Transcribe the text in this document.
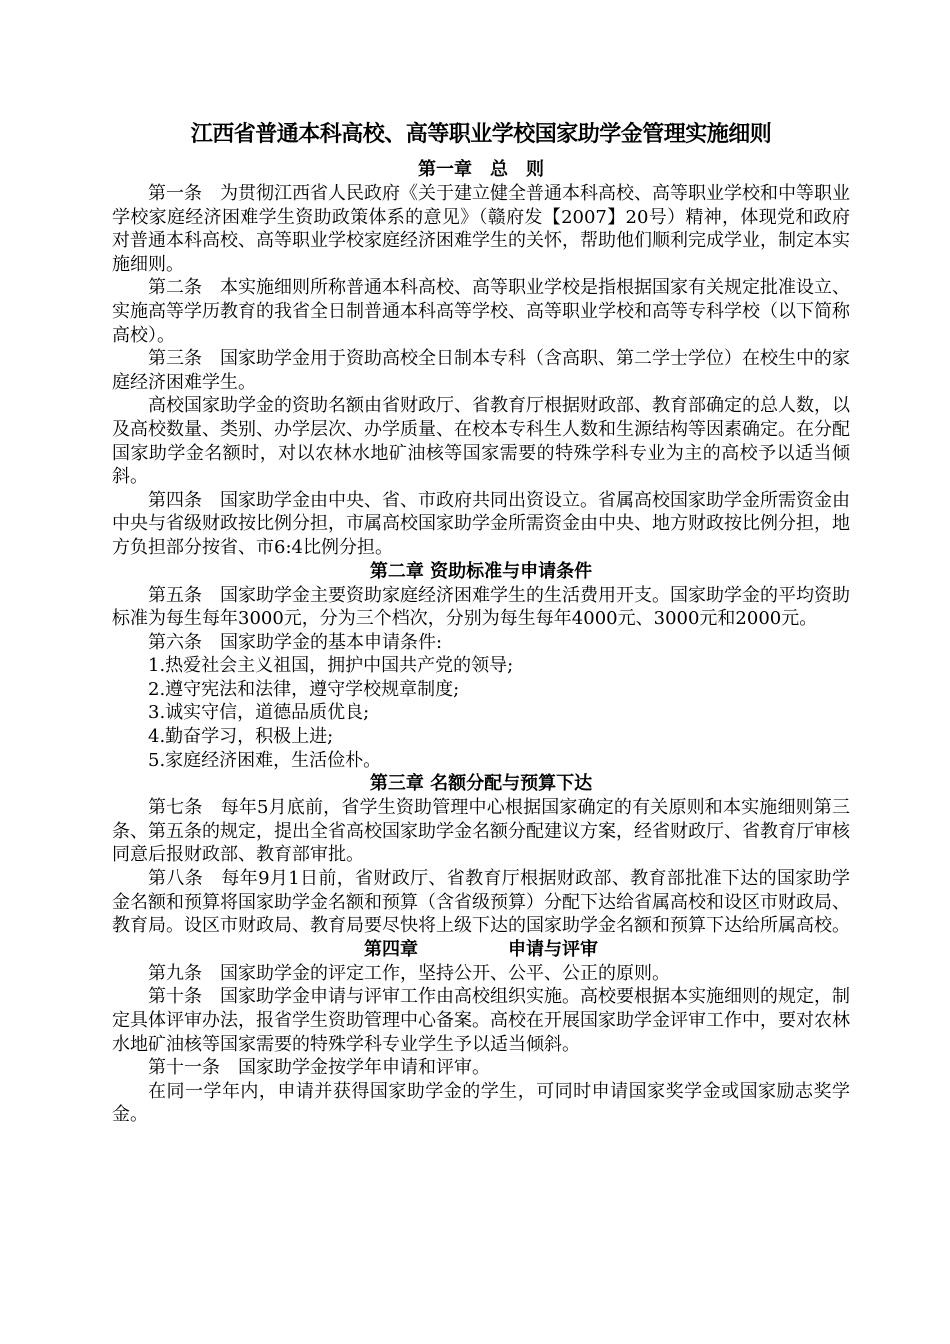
江西省普通本科高校、高等职业学校国家助学金管理实施细则
第一章　总　则

第一条　为贯彻江西省人民政府《关于建立健全普通本科高校、高等职业学校和中等职业学校家庭经济困难学生资助政策体系的意见》（赣府发【2007】20号）精神，体现党和政府对普通本科高校、高等职业学校家庭经济困难学生的关怀，帮助他们顺利完成学业，制定本实施细则。

第二条　本实施细则所称普通本科高校、高等职业学校是指根据国家有关规定批准设立、实施高等学历教育的我省全日制普通本科高等学校、高等职业学校和高等专科学校（以下简称高校）。

第三条　国家助学金用于资助高校全日制本专科（含高职、第二学士学位）在校生中的家庭经济困难学生。

高校国家助学金的资助名额由省财政厅、省教育厅根据财政部、教育部确定的总人数，以及高校数量、类别、办学层次、办学质量、在校本专科生人数和生源结构等因素确定。在分配国家助学金名额时，对以农林水地矿油核等国家需要的特殊学科专业为主的高校予以适当倾斜。

第四条　国家助学金由中央、省、市政府共同出资设立。省属高校国家助学金所需资金由中央与省级财政按比例分担，市属高校国家助学金所需资金由中央、地方财政按比例分担，地方负担部分按省、市6:4比例分担。

第二章 资助标准与申请条件

第五条　国家助学金主要资助家庭经济困难学生的生活费用开支。国家助学金的平均资助标准为每生每年3000元，分为三个档次，分别为每生每年4000元、3000元和2000元。

第六条　国家助学金的基本申请条件:

1.热爱社会主义祖国，拥护中国共产党的领导;

2.遵守宪法和法律，遵守学校规章制度;

3.诚实守信，道德品质优良;

4.勤奋学习，积极上进;

5.家庭经济困难，生活俭朴。

第三章 名额分配与预算下达

第七条　每年5月底前，省学生资助管理中心根据国家确定的有关原则和本实施细则第三条、第五条的规定，提出全省高校国家助学金名额分配建议方案，经省财政厅、省教育厅审核同意后报财政部、教育部审批。

第八条　每年9月1日前，省财政厅、省教育厅根据财政部、教育部批准下达的国家助学金名额和预算将国家助学金名额和预算（含省级预算）分配下达给省属高校和设区市财政局、教育局。设区市财政局、教育局要尽快将上级下达的国家助学金名额和预算下达给所属高校。

第四章　　　　　申请与评审

第九条　国家助学金的评定工作，坚持公开、公平、公正的原则。

第十条　国家助学金申请与评审工作由高校组织实施。高校要根据本实施细则的规定，制定具体评审办法，报省学生资助管理中心备案。高校在开展国家助学金评审工作中，要对农林水地矿油核等国家需要的特殊学科专业学生予以适当倾斜。

第十一条　国家助学金按学年申请和评审。

在同一学年内，申请并获得国家助学金的学生，可同时申请国家奖学金或国家励志奖学金。
